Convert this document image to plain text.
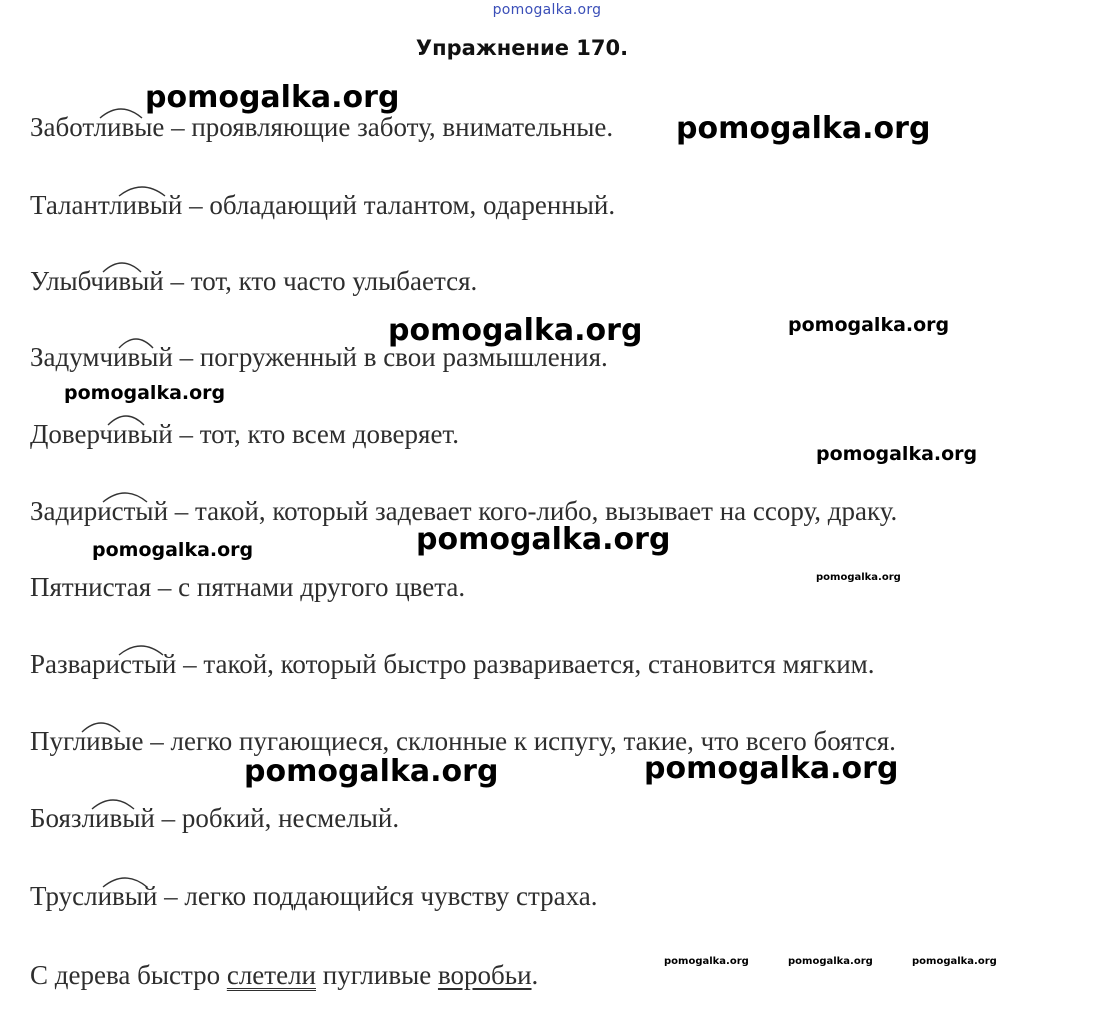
pomogalka.org
Упражнение 170.
Заботливые – проявляющие заботу, внимательные.
Талантливый – обладающий талантом, одаренный.
Улыбчивый – тот, кто часто улыбается.
Задумчивый – погруженный в свои размышления.
Доверчивый – тот, кто всем доверяет.
Задиристый – такой, который задевает кого-либо, вызывает на ссору, драку.
Пятнистая – с пятнами другого цвета.
Разваристый – такой, который быстро разваривается, становится мягким.
Пугливые – легко пугающиеся, склонные к испугу, такие, что всего боятся.
Боязливый – робкий, несмелый.
Трусливый – легко поддающийся чувству страха.
С дерева быстро слетели пугливые воробьи.
pomogalka.org
pomogalka.org
pomogalka.org	pomogalka.org
pomogalka.org
pomogalka.org
pomogalka.org
pomogalka.org
pomogalka.org
pomogalka.org	pomogalka.org
pomogalka.org	pomogalka.org	pomogalka.org
